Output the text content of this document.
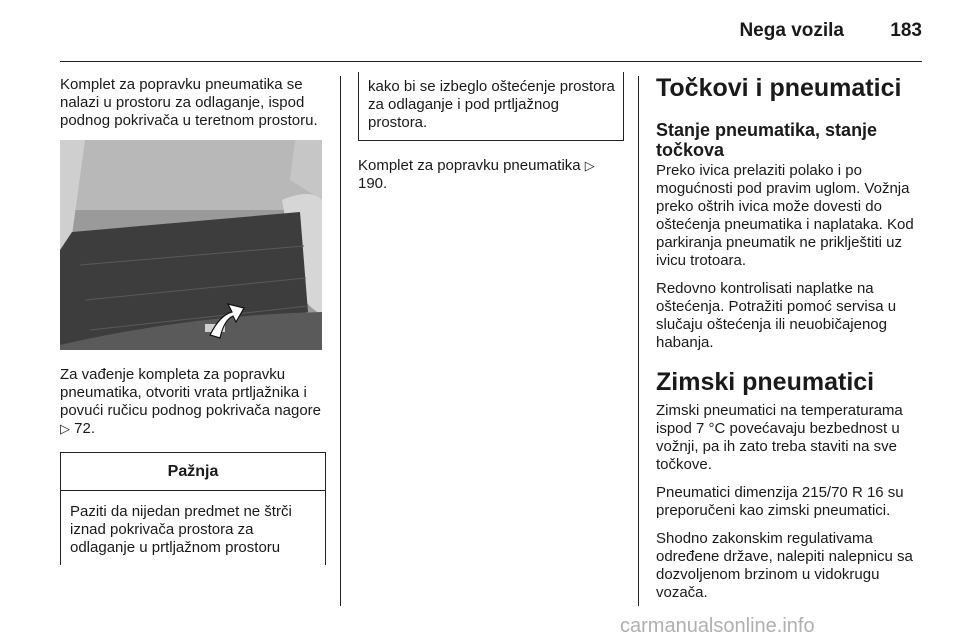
Nega vozila 183

Komplet za popravku pneumatika se nalazi u prostoru za odlaganje, ispod podnog pokrivača u teretnom prostoru.

Za vađenje kompleta za popravku pneumatika, otvoriti vrata prtljažnika i povući ručicu podnog pokrivača nagore ▷ 72.

Pažnja
Paziti da nijedan predmet ne štrči iznad pokrivača prostora za odlaganje u prtljažnom prostoru
kako bi se izbeglo oštećenje prostora za odlaganje i pod prtljažnog prostora.

Komplet za popravku pneumatika ▷ 190.

Točkovi i pneumatici
Stanje pneumatika, stanje točkova

Preko ivica prelaziti polako i po mogućnosti pod pravim uglom. Vožnja preko oštrih ivica može dovesti do oštećenja pneumatika i naplataka. Kod parkiranja pneumatik ne priklještiti uz ivicu trotoara.

Redovno kontrolisati naplatke na oštećenja. Potražiti pomoć servisa u slučaju oštećenja ili neuobičajenog habanja.

Zimski pneumatici

Zimski pneumatici na temperaturama ispod 7 °C povećavaju bezbednost u vožnji, pa ih zato treba staviti na sve točkove.

Pneumatici dimenzija 215/70 R 16 su preporučeni kao zimski pneumatici.

Shodno zakonskim regulativama određene države, nalepiti nalepnicu sa dozvoljenom brzinom u vidokrugu vozača.

carmanualsonline.info
